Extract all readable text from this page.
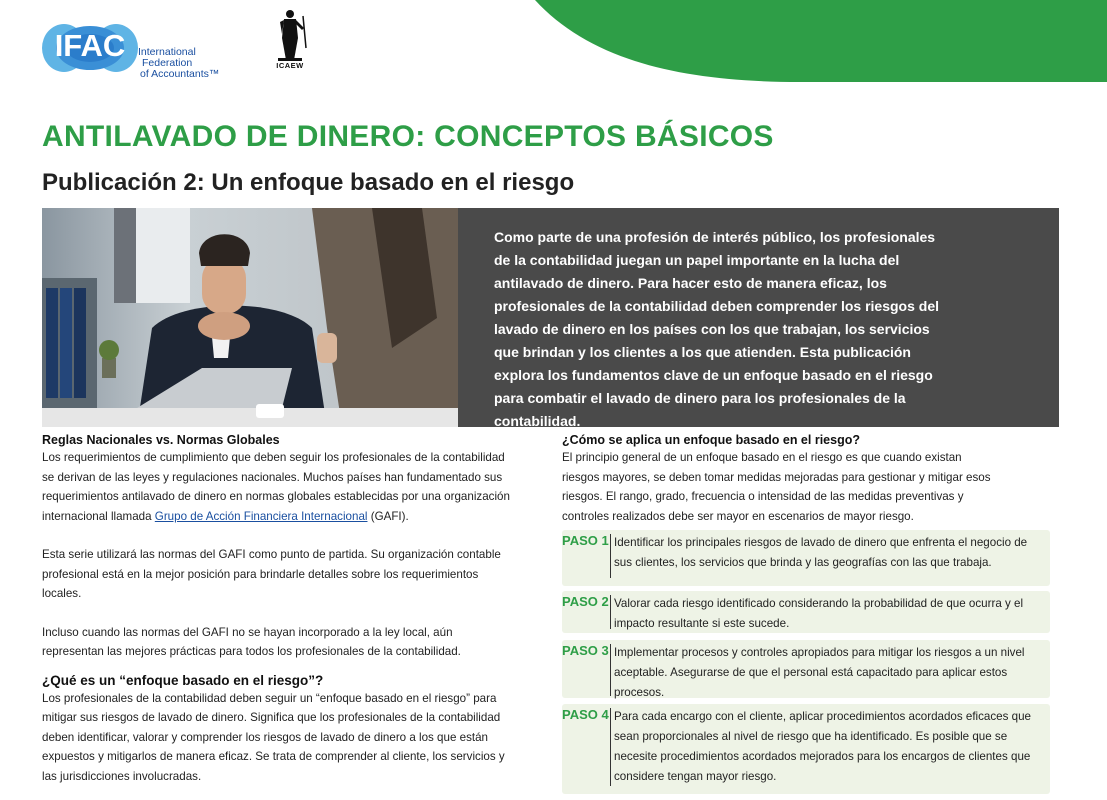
IFAC	International
Federation
of Accountants™
ICAEW
ANTILAVADO DE DINERO: CONCEPTOS BÁSICOS
Publicación 2: Un enfoque basado en el riesgo

Como parte de una profesión de interés público, los profesionales de la contabilidad juegan un papel importante en la lucha del antilavado de dinero. Para hacer esto de manera eficaz, los profesionales de la contabilidad deben comprender los riesgos del lavado de dinero en los países con los que trabajan, los servicios que brindan y los clientes a los que atienden. Esta publicación explora los fundamentos clave de un enfoque basado en el riesgo para combatir el lavado de dinero para los profesionales de la contabilidad.

Reglas Nacionales vs. Normas Globales

Los requerimientos de cumplimiento que deben seguir los profesionales de la contabilidad se derivan de las leyes y regulaciones nacionales. Muchos países han fundamentado sus requerimientos antilavado de dinero en normas globales establecidas por una organización internacional llamada Grupo de Acción Financiera Internacional (GAFI).

Esta serie utilizará las normas del GAFI como punto de partida. Su organización contable profesional está en la mejor posición para brindarle detalles sobre los requerimientos locales.

Incluso cuando las normas del GAFI no se hayan incorporado a la ley local, aún representan las mejores prácticas para todos los profesionales de la contabilidad.

¿Qué es un “enfoque basado en el riesgo”?

Los profesionales de la contabilidad deben seguir un “enfoque basado en el riesgo” para mitigar sus riesgos de lavado de dinero. Significa que los profesionales de la contabilidad deben identificar, valorar y comprender los riesgos de lavado de dinero a los que están expuestos y mitigarlos de manera eficaz. Se trata de comprender al cliente, los servicios y las jurisdicciones involucradas.

¿Cómo se aplica un enfoque basado en el riesgo?

El principio general de un enfoque basado en el riesgo es que cuando existan riesgos mayores, se deben tomar medidas mejoradas para gestionar y mitigar esos riesgos. El rango, grado, frecuencia o intensidad de las medidas preventivas y controles realizados debe ser mayor en escenarios de mayor riesgo.

PASO 1 Identificar los principales riesgos de lavado de dinero que enfrenta el negocio de sus clientes, los servicios que brinda y las geografías con las que trabaja.

PASO 2 Valorar cada riesgo identificado considerando la probabilidad de que ocurra y el impacto resultante si este sucede.

PASO 3 Implementar procesos y controles apropiados para mitigar los riesgos a un nivel aceptable. Asegurarse de que el personal está capacitado para aplicar estos procesos.

PASO 4 Para cada encargo con el cliente, aplicar procedimientos acordados eficaces que sean proporcionales al nivel de riesgo que ha identificado. Es posible que se necesite procedimientos acordados mejorados para los encargos de clientes que considere tengan mayor riesgo.
